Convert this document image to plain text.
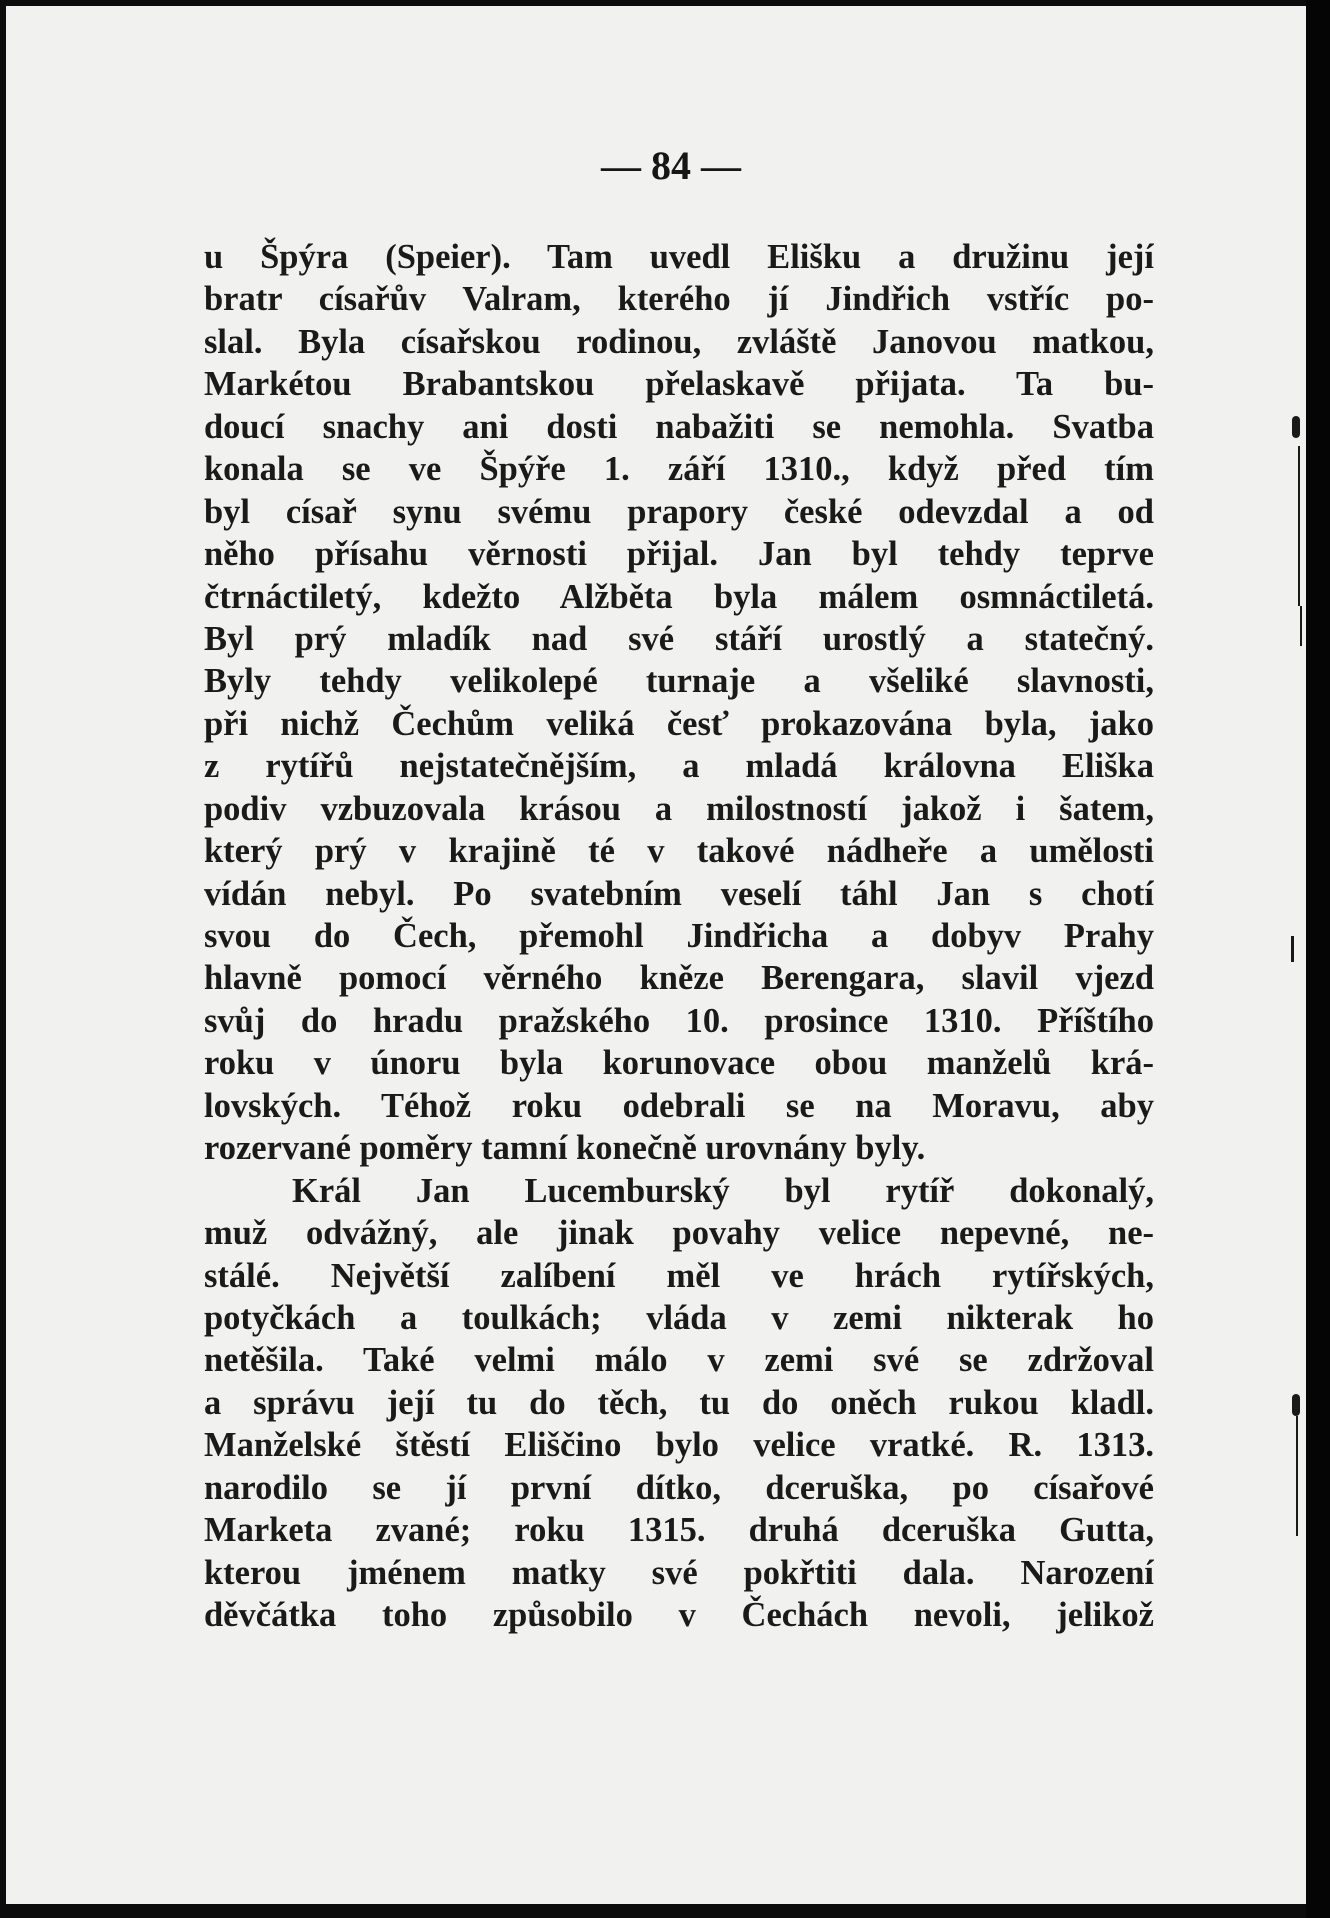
— 84 —
u Špýra (Speier). Tam uvedl Elišku a družinu její
bratr císařův Valram, kterého jí Jindřich vstříc po-
slal. Byla císařskou rodinou, zvláště Janovou matkou,
Markétou Brabantskou přelaskavě přijata. Ta bu-
doucí snachy ani dosti nabažiti se nemohla. Svatba
konala se ve Špýře 1. září 1310., když před tím
byl císař synu svému prapory české odevzdal a od
něho přísahu věrnosti přijal. Jan byl tehdy teprve
čtrnáctiletý, kdežto Alžběta byla málem osmnáctiletá.
Byl prý mladík nad své stáří urostlý a statečný.
Byly tehdy velikolepé turnaje a všeliké slavnosti,
při nichž Čechům veliká česť prokazována byla, jako
z rytířů nejstatečnějším, a mladá královna Eliška
podiv vzbuzovala krásou a milostností jakož i šatem,
který prý v krajině té v takové nádheře a umělosti
vídán nebyl. Po svatebním veselí táhl Jan s chotí
svou do Čech, přemohl Jindřicha a dobyv Prahy
hlavně pomocí věrného kněze Berengara, slavil vjezd
svůj do hradu pražského 10. prosince 1310. Příštího
roku v únoru byla korunovace obou manželů krá-
lovských. Téhož roku odebrali se na Moravu, aby
rozervané poměry tamní konečně urovnány byly.
Král Jan Lucemburský byl rytíř dokonalý,
muž odvážný, ale jinak povahy velice nepevné, ne-
stálé. Největší zalíbení měl ve hrách rytířských,
potyčkách a toulkách; vláda v zemi nikterak ho
netěšila. Také velmi málo v zemi své se zdržoval
a správu její tu do těch, tu do oněch rukou kladl.
Manželské štěstí Eliščino bylo velice vratké. R. 1313.
narodilo se jí první dítko, dceruška, po císařové
Marketa zvané; roku 1315. druhá dceruška Gutta,
kterou jménem matky své pokřtiti dala. Narození
děvčátka toho způsobilo v Čechách nevoli, jelikož
